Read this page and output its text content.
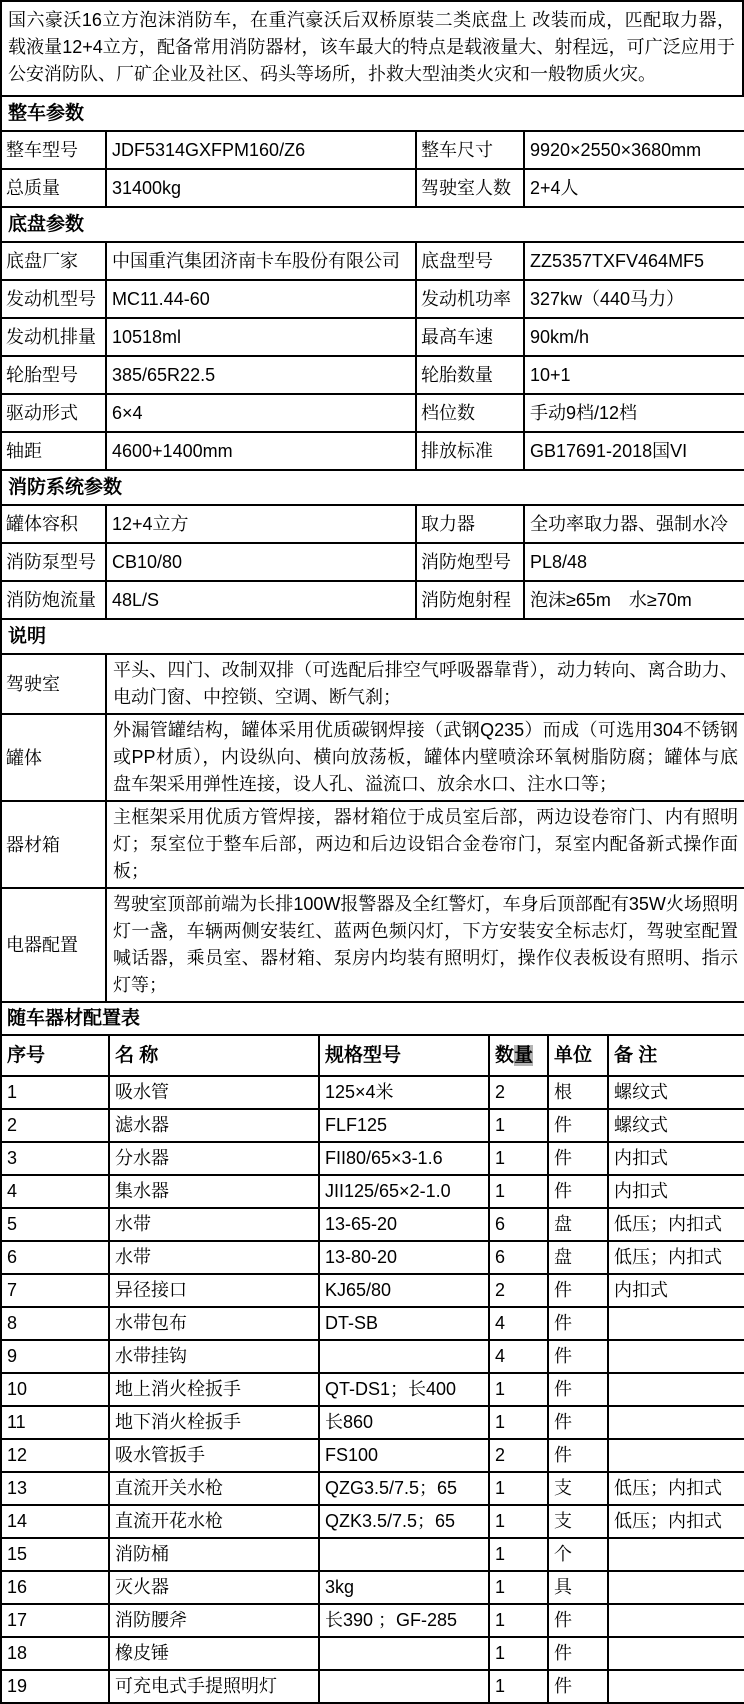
国六豪沃16立方泡沫消防车，在重汽豪沃后双桥原装二类底盘上 改装而成，匹配取力器，载液量12+4立方，配备常用消防器材，该车最大的特点是载液量大、射程远，可广泛应用于公安消防队、厂矿企业及社区、码头等场所，扑救大型油类火灾和一般物质火灾。
整车参数			
整车型号	JDF5314GXFPM160/Z6	整车尺寸	9920×2550×3680mm
总质量	31400kg	驾驶室人数	2+4人
底盘参数			
底盘厂家	中国重汽集团济南卡车股份有限公司	底盘型号	ZZ5357TXFV464MF5
发动机型号	MC11.44-60	发动机功率	327kw（440马力）
发动机排量	10518ml	最高车速	90km/h
轮胎型号	385/65R22.5	轮胎数量	10+1
驱动形式	6×4	档位数	手动9档/12档
轴距	4600+1400mm	排放标准	GB17691-2018国VI
消防系统参数			
罐体容积	12+4立方	取力器	全功率取力器、强制水冷
消防泵型号	CB10/80	消防炮型号	PL8/48
消防炮流量	48L/S	消防炮射程	泡沫≥65m　水≥70m
说明	
驾驶室	平头、四门、改制双排（可选配后排空气呼吸器靠背），动力转向、离合助力、电动门窗、中控锁、空调、断气刹；
罐体	外漏管罐结构，罐体采用优质碳钢焊接（武钢Q235）而成（可选用304不锈钢或PP材质），内设纵向、横向放荡板，罐体内壁喷涂环氧树脂防腐；罐体与底盘车架采用弹性连接，设人孔、溢流口、放余水口、注水口等；
器材箱	主框架采用优质方管焊接，器材箱位于成员室后部，两边设卷帘门、内有照明灯；泵室位于整车后部，两边和后边设铝合金卷帘门，泵室内配备新式操作面板；
电器配置	驾驶室顶部前端为长排100W报警器及全红警灯，车身后顶部配有35W火场照明灯一盏，车辆两侧安装红、蓝两色频闪灯，下方安装安全标志灯，驾驶室配置喊话器，乘员室、器材箱、泵房内均装有照明灯，操作仪表板设有照明、指示灯等；
随车器材配置表					
序号	名 称	规格型号	数量	单位	备 注
1	吸水管	125×4米	2	根	螺纹式
2	滤水器	FLF125	1	件	螺纹式
3	分水器	FII80/65×3-1.6	1	件	内扣式
4	集水器	JII125/65×2-1.0	1	件	内扣式
5	水带	13-65-20	6	盘	低压；内扣式
6	水带	13-80-20	6	盘	低压；内扣式
7	异径接口	KJ65/80	2	件	内扣式
8	水带包布	DT-SB	4	件	
9	水带挂钩		4	件	
10	地上消火栓扳手	QT-DS1；长400	1	件	
11	地下消火栓扳手	长860	1	件	
12	吸水管扳手	FS100	2	件	
13	直流开关水枪	QZG3.5/7.5；65	1	支	低压；内扣式
14	直流开花水枪	QZK3.5/7.5；65	1	支	低压；内扣式
15	消防桶		1	个	
16	灭火器	3kg	1	具	
17	消防腰斧	长390 ；GF-285	1	件	
18	橡皮锤		1	件	
19	可充电式手提照明灯		1	件	
